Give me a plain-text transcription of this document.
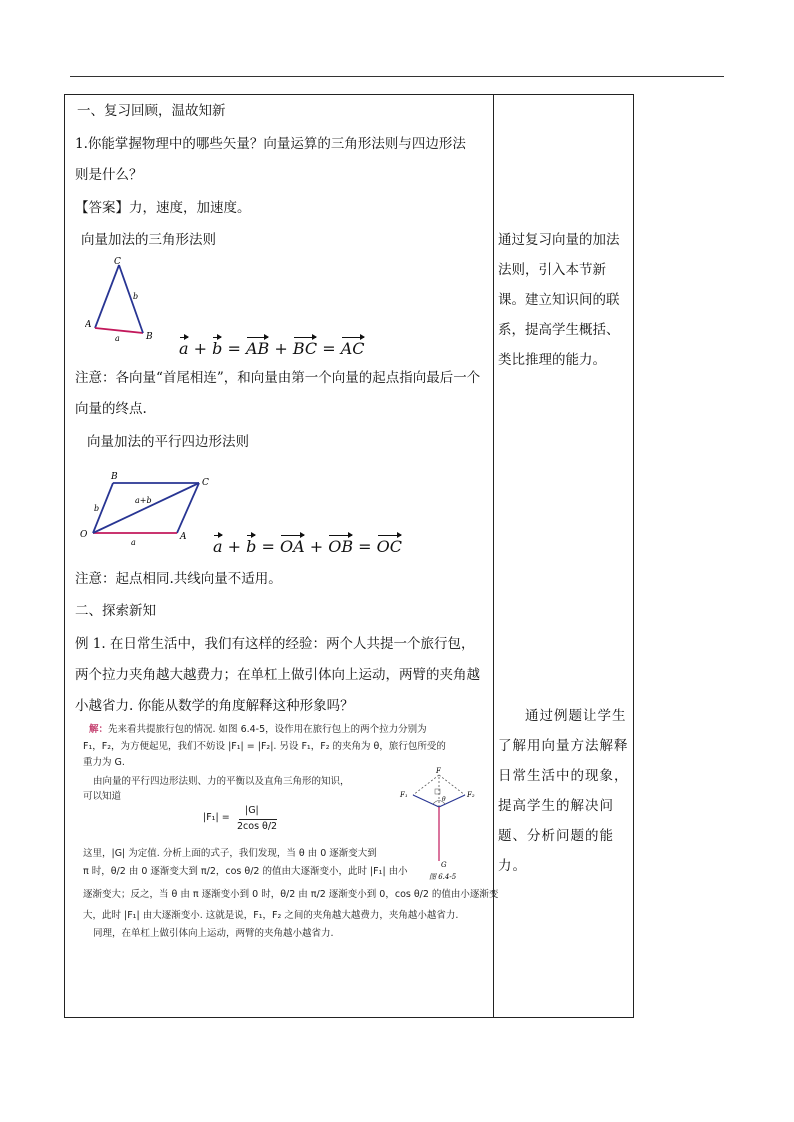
一、复习回顾，温故知新
1.你能掌握物理中的哪些矢量？向量运算的三角形法则与四边形法
则是什么？
【答案】力，速度，加速度。
向量加法的三角形法则
C
A
B
b
a
a + b = AB + BC = AC
注意：各向量“首尾相连”，和向量由第一个向量的起点指向最后一个
向量的终点.
向量加法的平行四边形法则
O	A
B
C
b
a
a+b
a + b = OA + OB = OC
注意：起点相同.共线向量不适用。
二、探索新知
例 1. 在日常生活中，我们有这样的经验：两个人共提一个旅行包，
两个拉力夹角越大越费力；在单杠上做引体向上运动，两臂的夹角越
小越省力. 你能从数学的角度解释这种形象吗？
解：先来看共提旅行包的情况. 如图 6.4-5，设作用在旅行包上的两个拉力分别为
F₁，F₂，为方便起见，我们不妨设 |F₁| = |F₂|. 另设 F₁，F₂ 的夹角为 θ，旅行包所受的
重力为 G.
由向量的平行四边形法则、力的平衡以及直角三角形的知识，
可以知道
|F₁| =
|G|
2cos θ/2
这里，|G| 为定值. 分析上面的式子，我们发现，当 θ 由 0 逐渐变大到
π 时，θ/2 由 0 逐渐变大到 π/2，cos θ/2 的值由大逐渐变小，此时 |F₁| 由小
逐渐变大；反之，当 θ 由 π 逐渐变小到 0 时，θ/2 由 π/2 逐渐变小到 0，cos θ/2 的值由小逐渐变
大，此时 |F₁| 由大逐渐变小. 这就是说，F₁，F₂ 之间的夹角越大越费力，夹角越小越省力.
同理，在单杠上做引体向上运动，两臂的夹角越小越省力.
F
F₁	F₂
θ
G
图 6.4-5
通过复习向量的加法法则，引入本节新课。建立知识间的联系，提高学生概括、类比推理的能力。
通过例题让学生了解用向量方法解释日常生活中的现象，提高学生的解决问题、分析问题的能力。
